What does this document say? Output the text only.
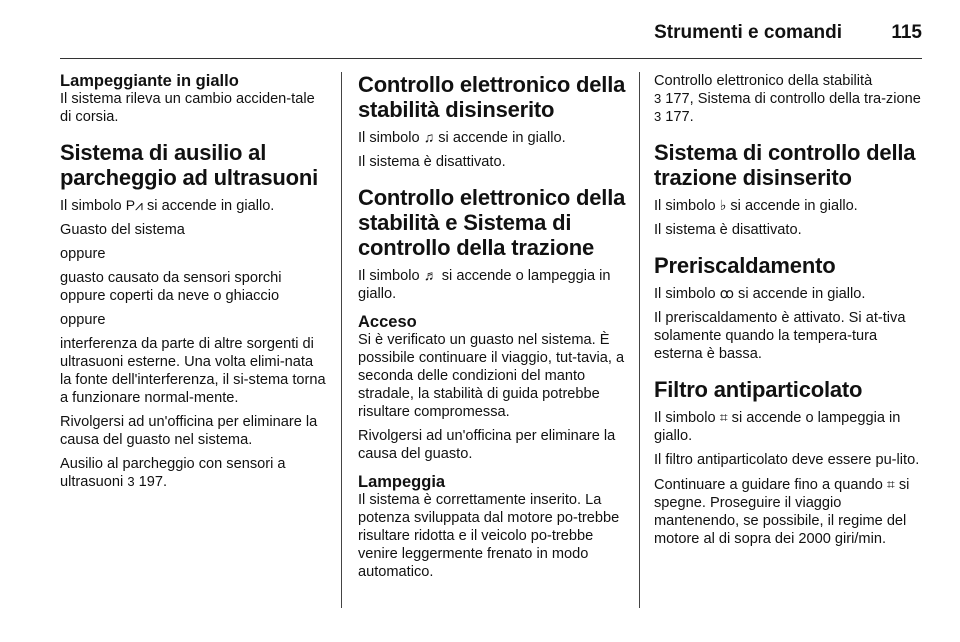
Strumenti e comandi	115
Lampeggiante in giallo

Il sistema rileva un cambio acciden-tale di corsia.

Sistema di ausilio al parcheggio ad ultrasuoni

Il simbolo P⩘ si accende in giallo.

Guasto del sistema

oppure

guasto causato da sensori sporchi oppure coperti da neve o ghiaccio

oppure

interferenza da parte di altre sorgenti di ultrasuoni esterne. Una volta elimi-nata la fonte dell'interferenza, il si-stema torna a funzionare normal-mente.

Rivolgersi ad un'officina per eliminare la causa del guasto nel sistema.

Ausilio al parcheggio con sensori a ultrasuoni 3 197.

Controllo elettronico della stabilità disinserito

Il simbolo ♫ si accende in giallo.

Il sistema è disattivato.

Controllo elettronico della stabilità e Sistema di controllo della trazione

Il simbolo ♬ si accende o lampeggia in giallo.

Acceso

Si è verificato un guasto nel sistema. È possibile continuare il viaggio, tut-tavia, a seconda delle condizioni del manto stradale, la stabilità di guida potrebbe risultare compromessa.

Rivolgersi ad un'officina per eliminare la causa del guasto.

Lampeggia

Il sistema è correttamente inserito. La potenza sviluppata dal motore po-trebbe risultare ridotta e il veicolo po-trebbe venire leggermente frenato in modo automatico.

Controllo elettronico della stabilità
3 177, Sistema di controllo della tra-zione 3 177.

Sistema di controllo della trazione disinserito

Il simbolo ♭ si accende in giallo.

Il sistema è disattivato.

Preriscaldamento

Il simbolo ꝏ si accende in giallo.

Il preriscaldamento è attivato. Si at-tiva solamente quando la tempera-tura esterna è bassa.

Filtro antiparticolato

Il simbolo ⌗ si accende o lampeggia in giallo.

Il filtro antiparticolato deve essere pu-lito.

Continuare a guidare fino a quando ⌗ si spegne. Proseguire il viaggio mantenendo, se possibile, il regime del motore al di sopra dei 2000 giri/min.
